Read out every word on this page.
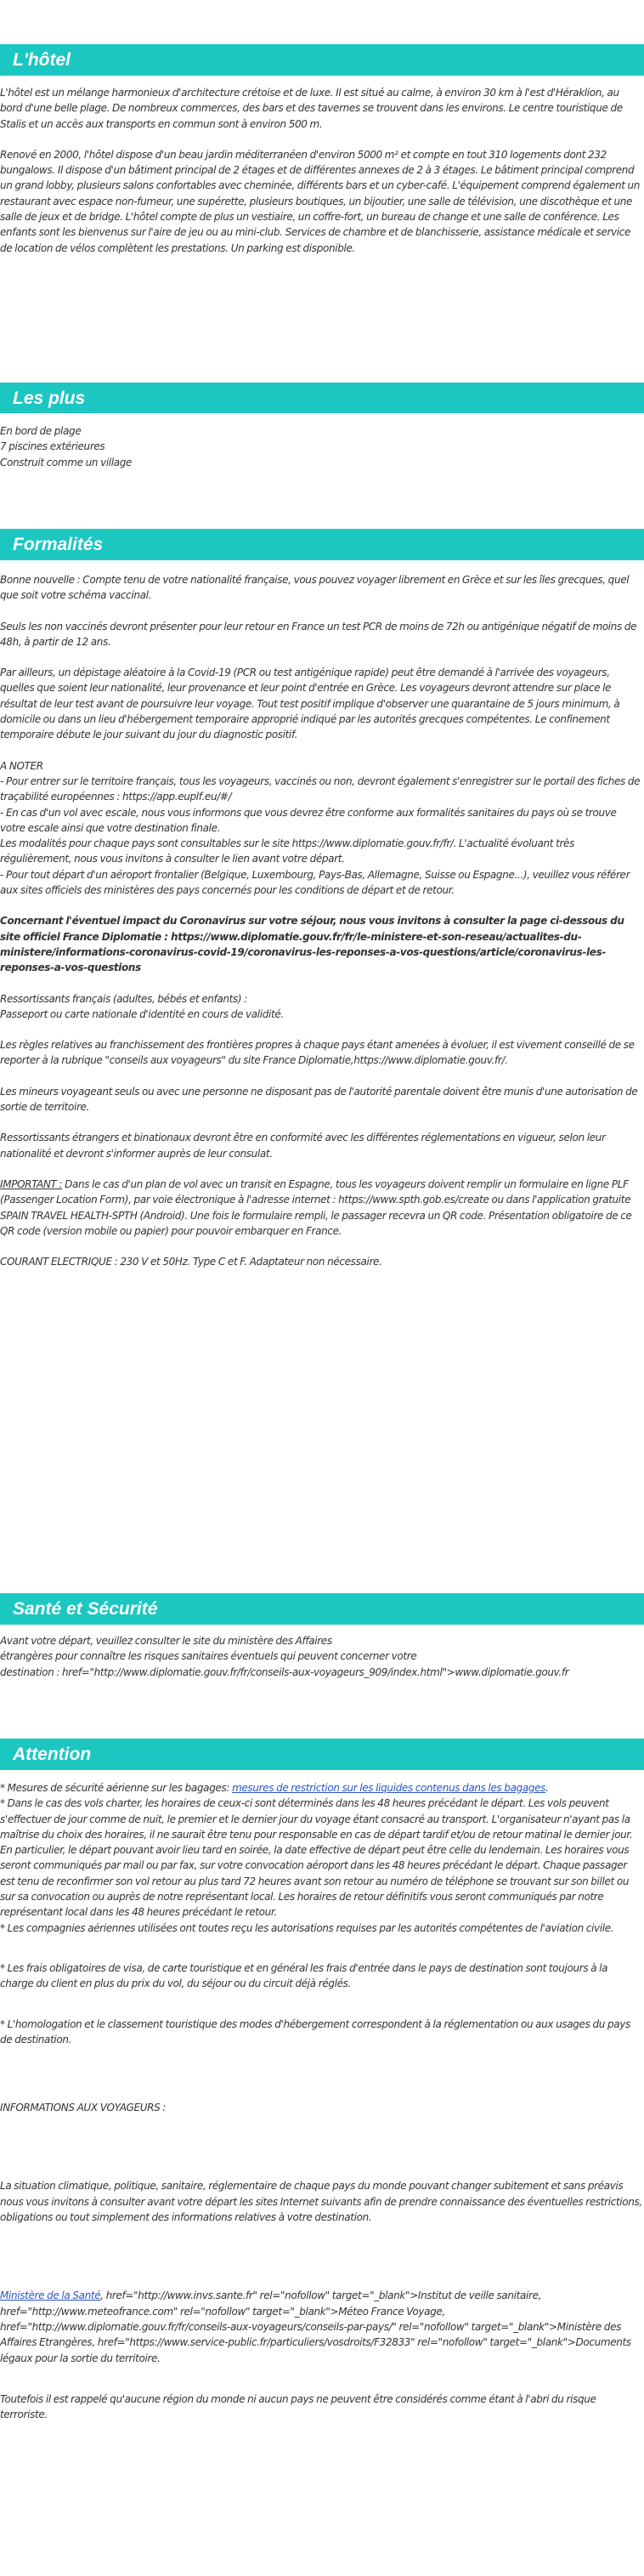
L'hôtel

L'hôtel est un mélange harmonieux d'architecture crétoise et de luxe. Il est situé au calme, à environ 30 km à l'est d'Héraklion, au bord d'une belle plage. De nombreux commerces, des bars et des tavernes se trouvent dans les environs. Le centre touristique de Stalis et un accès aux transports en commun sont à environ 500 m.

Renové en 2000, l'hôtel dispose d'un beau jardin méditerranéen d'environ 5000 m² et compte en tout 310 logements dont 232 bungalows. Il dispose d'un bâtiment principal de 2 étages et de différentes annexes de 2 à 3 étages. Le bâtiment principal comprend un grand lobby, plusieurs salons confortables avec cheminée, différents bars et un cyber-café. L'équipement comprend également un restaurant avec espace non-fumeur, une supérette, plusieurs boutiques, un bijoutier, une salle de télévision, une discothèque et une salle de jeux et de bridge. L'hôtel compte de plus un vestiaire, un coffre-fort, un bureau de change et une salle de conférence. Les enfants sont les bienvenus sur l'aire de jeu ou au mini-club. Services de chambre et de blanchisserie, assistance médicale et service de location de vélos complètent les prestations. Un parking est disponible.

Les plus

En bord de plage

7 piscines extérieures

Construit comme un village

Formalités

Bonne nouvelle : Compte tenu de votre nationalité française, vous pouvez voyager librement en Grèce et sur les îles grecques, quel que soit votre schéma vaccinal.

Seuls les non vaccinés devront présenter pour leur retour en France un test PCR de moins de 72h ou antigénique négatif de moins de 48h, à partir de 12 ans.

Par ailleurs, un dépistage aléatoire à la Covid-19 (PCR ou test antigénique rapide) peut être demandé à l'arrivée des voyageurs, quelles que soient leur nationalité, leur provenance et leur point d'entrée en Grèce. Les voyageurs devront attendre sur place le résultat de leur test avant de poursuivre leur voyage. Tout test positif implique d'observer une quarantaine de 5 jours minimum, à domicile ou dans un lieu d'hébergement temporaire approprié indiqué par les autorités grecques compétentes. Le confinement temporaire débute le jour suivant du jour du diagnostic positif.

A NOTER

- Pour entrer sur le territoire français, tous les voyageurs, vaccinés ou non, devront également s'enregistrer sur le portail des fiches de traçabilité européennes : https://app.euplf.eu/#/

- En cas d'un vol avec escale, nous vous informons que vous devrez être conforme aux formalités sanitaires du pays où se trouve votre escale ainsi que votre destination finale.

Les modalités pour chaque pays sont consultables sur le site https://www.diplomatie.gouv.fr/fr/. L'actualité évoluant très régulièrement, nous vous invitons à consulter le lien avant votre départ.

- Pour tout départ d'un aéroport frontalier (Belgique, Luxembourg, Pays-Bas, Allemagne, Suisse ou Espagne...), veuillez vous référer aux sites officiels des ministères des pays concernés pour les conditions de départ et de retour.

Concernant l'éventuel impact du Coronavirus sur votre séjour, nous vous invitons à consulter la page ci-dessous du site officiel France Diplomatie : https://www.diplomatie.gouv.fr/fr/le-ministere-et-son-reseau/actualites-du-ministere/informations-coronavirus-covid-19/coronavirus-les-reponses-a-vos-questions/article/coronavirus-les-reponses-a-vos-questions

Ressortissants français (adultes, bébés et enfants) :

Passeport ou carte nationale d'identité en cours de validité.

Les règles relatives au franchissement des frontières propres à chaque pays étant amenées à évoluer, il est vivement conseillé de se reporter à la rubrique "conseils aux voyageurs" du site France Diplomatie,https://www.diplomatie.gouv.fr/.

Les mineurs voyageant seuls ou avec une personne ne disposant pas de l'autorité parentale doivent être munis d'une autorisation de sortie de territoire.

Ressortissants étrangers et binationaux devront être en conformité avec les différentes réglementations en vigueur, selon leur nationalité et devront s'informer auprès de leur consulat.

IMPORTANT : Dans le cas d'un plan de vol avec un transit en Espagne, tous les voyageurs doivent remplir un formulaire en ligne PLF (Passenger Location Form), par voie électronique à l'adresse internet : https://www.spth.gob.es/create ou dans l'application gratuite SPAIN TRAVEL HEALTH-SPTH (Android). Une fois le formulaire rempli, le passager recevra un QR code. Présentation obligatoire de ce QR code (version mobile ou papier) pour pouvoir embarquer en France.

COURANT ELECTRIQUE : 230 V et 50Hz. Type C et F. Adaptateur non nécessaire.

Santé et Sécurité

Avant votre départ, veuillez consulter le site du ministère des Affaires

étrangères pour connaître les risques sanitaires éventuels qui peuvent concerner votre

destination : href="http://www.diplomatie.gouv.fr/fr/conseils-aux-voyageurs_909/index.html">www.diplomatie.gouv.fr

Attention

* Mesures de sécurité aérienne sur les bagages: mesures de restriction sur les liquides contenus dans les bagages.

* Dans le cas des vols charter, les horaires de ceux-ci sont déterminés dans les 48 heures précédant le départ. Les vols peuvent s'effectuer de jour comme de nuit, le premier et le dernier jour du voyage étant consacré au transport. L'organisateur n'ayant pas la maîtrise du choix des horaires, il ne saurait être tenu pour responsable en cas de départ tardif et/ou de retour matinal le dernier jour. En particulier, le départ pouvant avoir lieu tard en soirée, la date effective de départ peut être celle du lendemain. Les horaires vous seront communiqués par mail ou par fax, sur votre convocation aéroport dans les 48 heures précédant le départ. Chaque passager est tenu de reconfirmer son vol retour au plus tard 72 heures avant son retour au numéro de téléphone se trouvant sur son billet ou sur sa convocation ou auprès de notre représentant local. Les horaires de retour définitifs vous seront communiqués par notre représentant local dans les 48 heures précédant le retour.

* Les compagnies aériennes utilisées ont toutes reçu les autorisations requises par les autorités compétentes de l'aviation civile.

* Les frais obligatoires de visa, de carte touristique et en général les frais d'entrée dans le pays de destination sont toujours à la charge du client en plus du prix du vol, du séjour ou du circuit déjà réglés.

* L'homologation et le classement touristique des modes d'hébergement correspondent à la réglementation ou aux usages du pays de destination.

INFORMATIONS AUX VOYAGEURS :

La situation climatique, politique, sanitaire, réglementaire de chaque pays du monde pouvant changer subitement et sans préavis

nous vous invitons à consulter avant votre départ les sites Internet suivants afin de prendre connaissance des éventuelles restrictions, obligations ou tout simplement des informations relatives à votre destination.

Ministère de la Santé, href="http://www.invs.sante.fr" rel="nofollow" target="_blank">Institut de veille sanitaire, href="http://www.meteofrance.com" rel="nofollow" target="_blank">Méteo France Voyage, href="http://www.diplomatie.gouv.fr/fr/conseils-aux-voyageurs/conseils-par-pays/" rel="nofollow" target="_blank">Ministère des Affaires Etrangères, href="https://www.service-public.fr/particuliers/vosdroits/F32833" rel="nofollow" target="_blank">Documents légaux pour la sortie du territoire.

Toutefois il est rappelé qu'aucune région du monde ni aucun pays ne peuvent être considérés comme étant à l'abri du risque terroriste.
